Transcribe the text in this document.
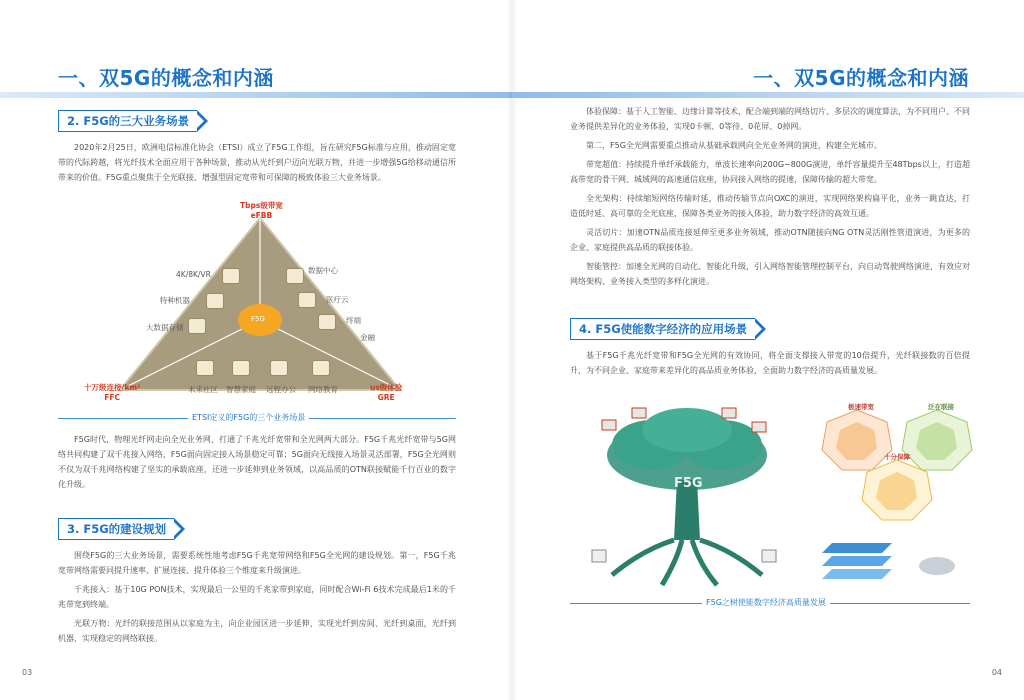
一、双5G的概念和内涵
2. F5G的三大业务场景

2020年2月25日，欧洲电信标准化协会（ETSI）成立了F5G工作组，旨在研究F5G标准与应用，推动固定宽带的代际跨越，将光纤技术全面应用于各种场景，推动从光纤到户迈向光联万物，并进一步增强5G给移动通信所带来的价值。F5G重点聚焦于全光联接、增强型固定宽带和可保障的极致体验三大业务场景。

F5G
Tbps级带宽
eFBB
十万级连接/km²
FFC
us级体验
GRE
4K/8K/VR	数据中心
特种机器	医疗云
大数据存储
终端
金融
未来社区 智慧家庭 远程办公 网络教育
ETSI定义的F5G的三个业务场景

F5G时代，物理光纤网走向全光业务网，打通了千兆光纤宽带和全光网两大部分。F5G千兆光纤宽带与5G网络共同构建了双千兆接入网络，F5G面向固定接入场景稳定可靠；5G面向无线接入场景灵活部署，F5G全光网则不仅为双千兆网络构建了坚实的承载底座，还进一步延伸到业务领域，以高品质的OTN联接赋能千行百业的数字化升级。

3. F5G的建设规划

围绕F5G的三大业务场景，需要系统性地考虑F5G千兆宽带网络和F5G全光网的建设规划。第一，F5G千兆宽带网络需要同提升速率、扩展连接、提升体验三个维度来升级演进。

千兆接入：基于10G PON技术，实现最后一公里的千兆家带到家庭，同时配合Wi-Fi 6技术完成最后1米的千兆带宽到终端。

光联万物：光纤的联接范围从以家庭为主，向企业园区进一步延伸，实现光纤到房间、光纤到桌面，光纤到机器，实现稳定的网络联接。

03
一、双5G的概念和内涵

体验保障：基于人工智能、边缘计算等技术，配合端到端的网络切片、多层次的调度算法，为不同用户、不同业务提供差异化的业务体验，实现0卡顿、0等待、0花屏、0掉网。

第二，F5G全光网需要重点推动从基础承载网向全光业务网的演进，构建全光城市。

带宽超值：持续提升单纤承载能力，单波长速率向200G~800G演进，单纤容量提升至48Tbps以上，打造超高带宽的骨干网、城域网的高速通信底座，协同接入网络的提速，保障传输的超大带宽。

全光架构：持续缩短网络传输时延，推动传输节点向OXC的演进，实现网络架构扁平化，业务一跳直达，打造低时延、高可靠的全光底座，保障各类业务的接入体验，助力数字经济的高效互通。

灵活切片：加速OTN品质连接延伸至更多业务领域，推动OTN随接向NG OTN灵活刚性管道演进，为更多的企业、家庭提供高品质的联接体验。

智能管控：加速全光网的自动化、智能化升级，引入网络智能管理控制平台，向自动驾驶网络演进，有效应对网络架构、业务接入类型的多样化演进。

4. F5G使能数字经济的应用场景

基于F5G千兆光纤宽带和F5G全光网的有效协同，将全面支撑接入带宽的10倍提升，光纤联接数的百倍提升，为不同企业、家庭带来差异化的高品质业务体验，全面助力数字经济的高质量发展。

F5G
极速带宽	泛在联接
十分保障
F5G之树使能数字经济高质量发展
04
